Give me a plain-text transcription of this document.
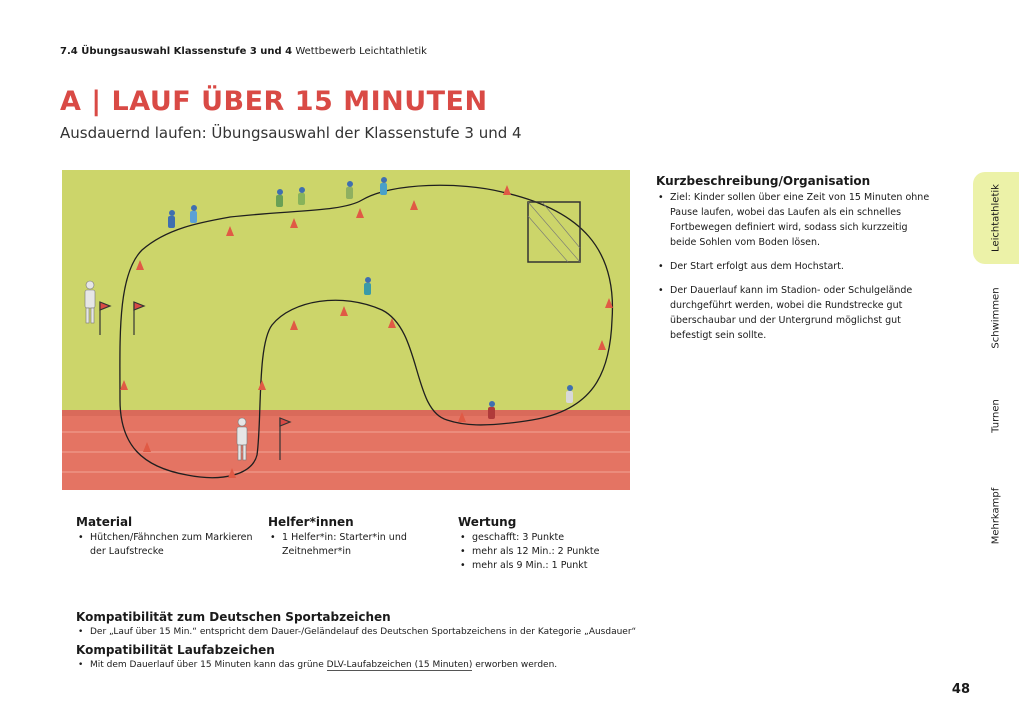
7.4 Übungsauswahl Klassenstufe 3 und 4 Wettbewerb Leichtathletik
A | LAUF ÜBER 15 MINUTEN
Ausdauernd laufen: Übungsauswahl der Klassenstufe 3 und 4
Kurzbeschreibung/Organisation
• Ziel: Kinder sollen über eine Zeit von 15 Minuten ohne Pause laufen, wobei das Laufen als ein schnelles Fortbewegen definiert wird, sodass sich kurzzeitig beide Sohlen vom Boden lösen.
• Der Start erfolgt aus dem Hochstart.
• Der Dauerlauf kann im Stadion- oder Schulgelände durchgeführt werden, wobei die Rundstrecke gut überschaubar und der Untergrund möglichst gut befestigt sein sollte.
Material
• Hütchen/Fähnchen zum Markieren der Laufstrecke
Helfer*innen
• 1 Helfer*in: Starter*in und Zeitnehmer*in
Wertung
• geschafft: 3 Punkte
• mehr als 12 Min.: 2 Punkte
• mehr als 9 Min.: 1 Punkt
Kompatibilität zum Deutschen Sportabzeichen
• Der „Lauf über 15 Min.“ entspricht dem Dauer-/Geländelauf des Deutschen Sportabzeichens in der Kategorie „Ausdauer“
Kompatibilität Laufabzeichen
• Mit dem Dauerlauf über 15 Minuten kann das grüne DLV-Laufabzeichen (15 Minuten) erworben werden.
Leichtathletik
Schwimmen
Turnen
Mehrkampf
48
